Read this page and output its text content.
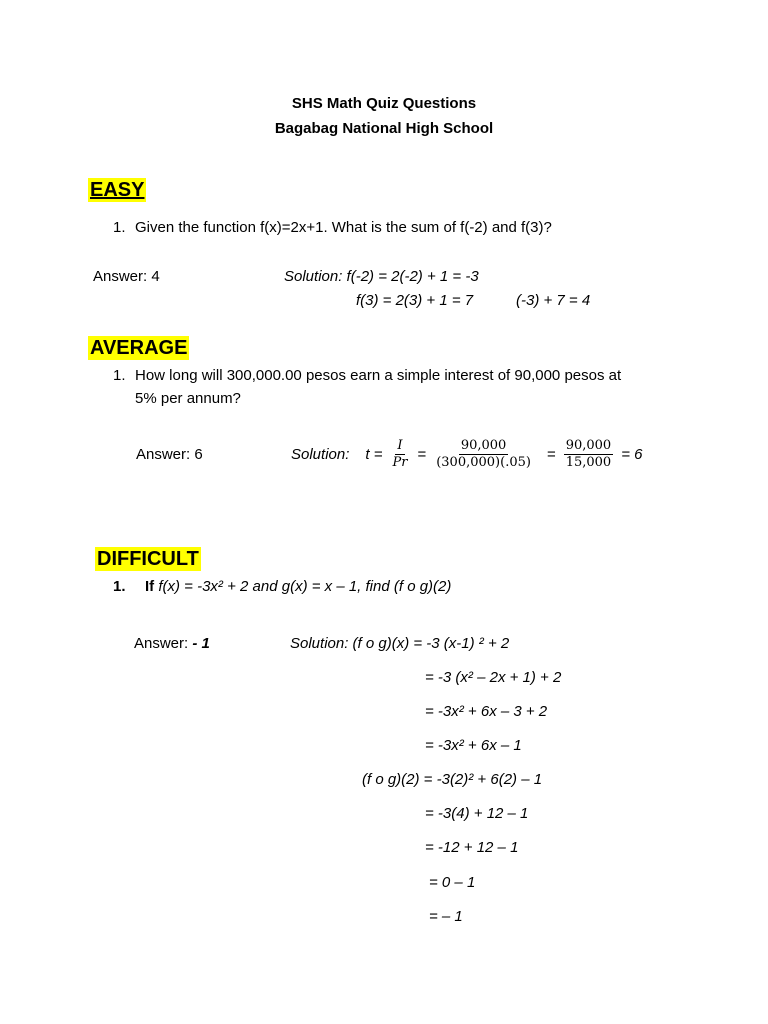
SHS Math Quiz Questions
Bagabag National High School
EASY
1. Given the function f(x)=2x+1. What is the sum of f(-2) and f(3)?
Answer: 4	Solution: f(-2) = 2(-2) + 1 = -3
f(3) = 2(3) + 1 = 7	(-3) + 7 = 4
AVERAGE
1. How long will 300,000.00 pesos earn a simple interest of 90,000 pesos at
5% per annum?
Answer: 6	Solution: $t = \frac{I}{Pr} = \frac{90,000}{(300,000)(.05)} = \frac{90,000}{15,000} = 6$
DIFFICULT
1. If f(x) = -3x² + 2 and g(x) = x – 1, find (f o g)(2)
Answer: - 1	Solution: (f o g)(x) = -3 (x-1) ² + 2
= -3 (x² – 2x + 1) + 2
= -3x² + 6x – 3 + 2
= -3x² + 6x – 1
(f o g)(2) = -3(2)² + 6(2) – 1
= -3(4) + 12 – 1
= -12 + 12 – 1
= 0 – 1
= – 1
